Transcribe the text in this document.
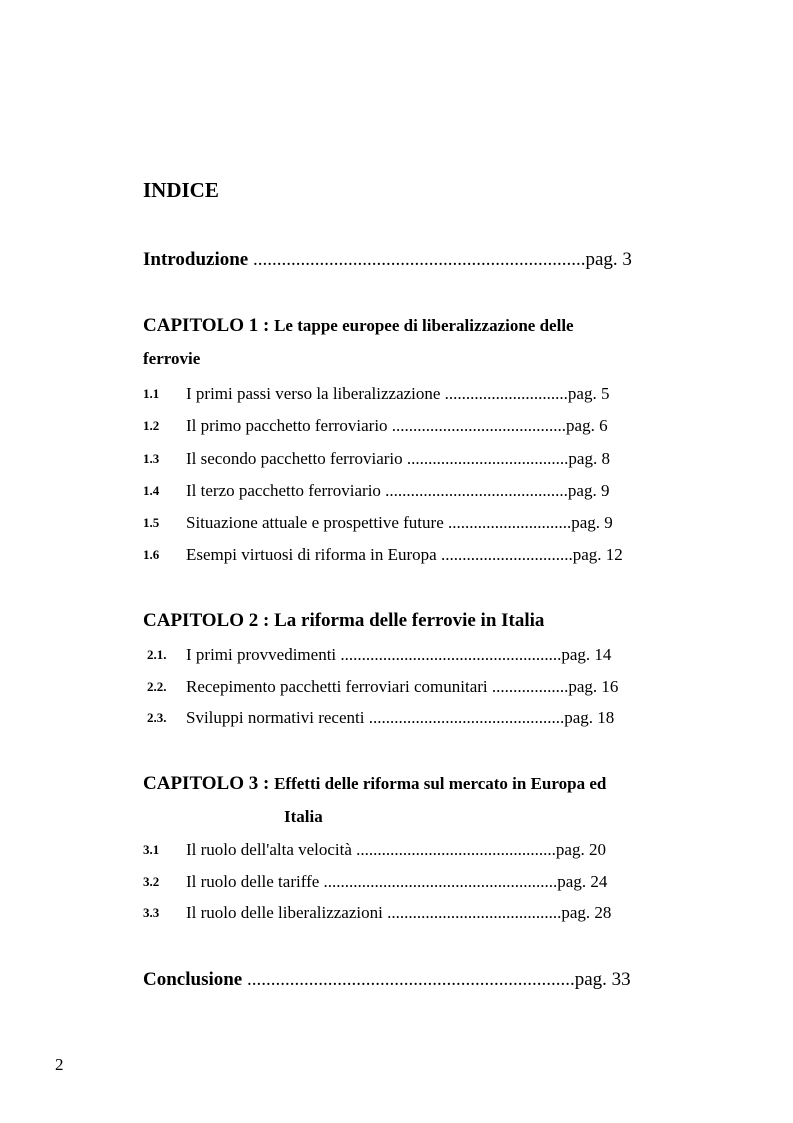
INDICE
Introduzione ......................................................................pag. 3
CAPITOLO 1 : Le tappe europee di liberalizzazione delle
ferrovie
1.1 I primi passi verso la liberalizzazione .............................pag. 5
1.2 Il primo pacchetto ferroviario .........................................pag. 6
1.3 Il secondo pacchetto ferroviario ......................................pag. 8
1.4 Il terzo pacchetto ferroviario ...........................................pag. 9
1.5 Situazione attuale e prospettive future .............................pag. 9
1.6 Esempi virtuosi di riforma in Europa ...............................pag. 12
CAPITOLO 2 : La riforma delle ferrovie in Italia
2.1. I primi provvedimenti ....................................................pag. 14
2.2. Recepimento pacchetti ferroviari comunitari ..................pag. 16
2.3. Sviluppi normativi recenti ..............................................pag. 18
CAPITOLO 3 : Effetti delle riforma sul mercato in Europa ed
Italia
3.1 Il ruolo dell'alta velocità ...............................................pag. 20
3.2 Il ruolo delle tariffe .......................................................pag. 24
3.3 Il ruolo delle liberalizzazioni .........................................pag. 28
Conclusione .....................................................................pag. 33
2
